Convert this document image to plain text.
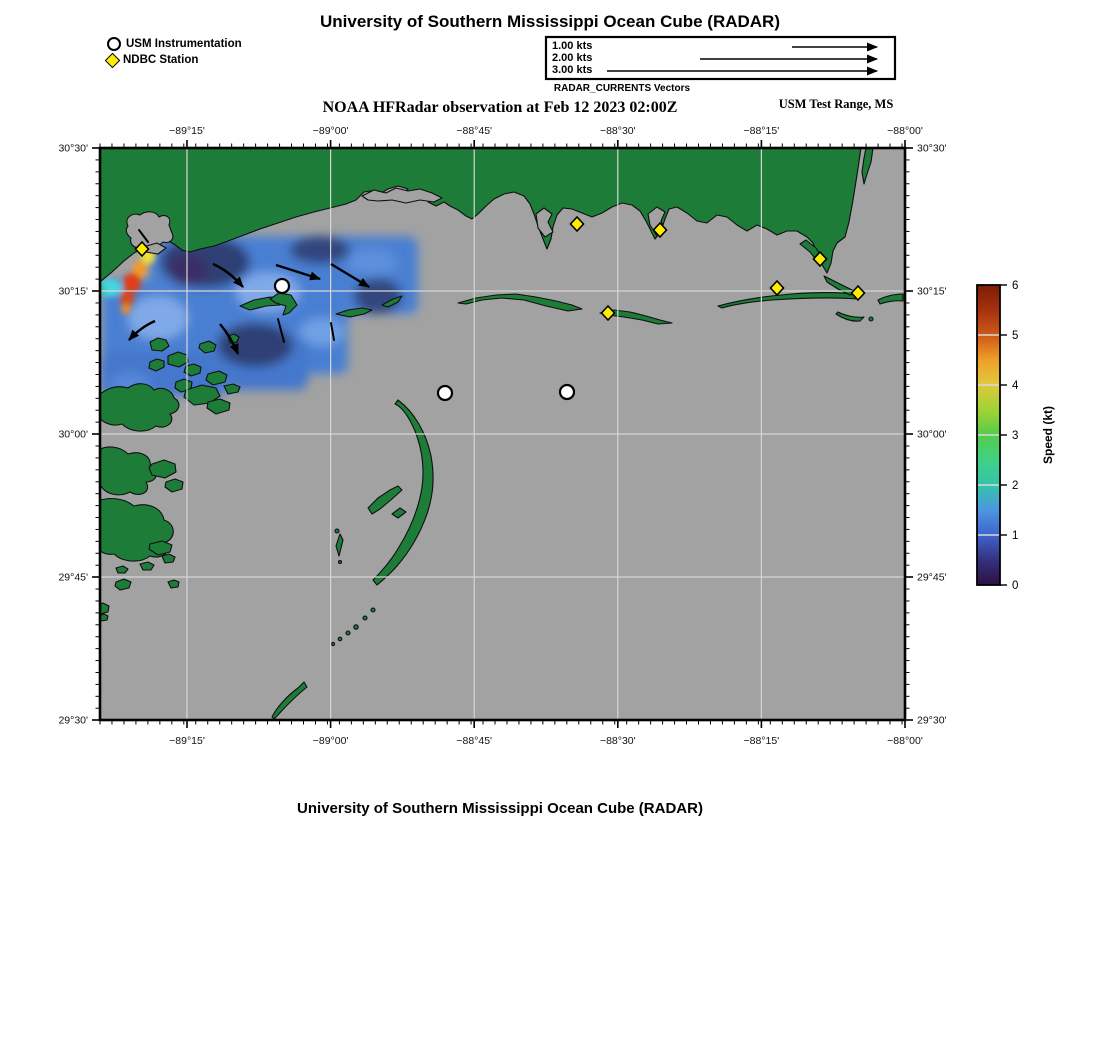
−89°15'
−89°15'
−89°00'
−89°00'
−88°45'
−88°45'
−88°30'
−88°30'
−88°15'
−88°15'
−88°00'
−88°00'
30°30'	30°30'
30°15'	30°15'
30°00'	30°00'
29°45'	29°45'
29°30'	29°30'
0
1
2
3
4
5
6
Speed (kt)
University of Southern Mississippi Ocean Cube (RADAR)
USM Instrumentation
NDBC Station
1.00 kts
2.00 kts
3.00 kts
RADAR_CURRENTS Vectors
NOAA HFRadar observation at Feb 12 2023 02:00Z	USM Test Range, MS
University of Southern Mississippi Ocean Cube (RADAR)
